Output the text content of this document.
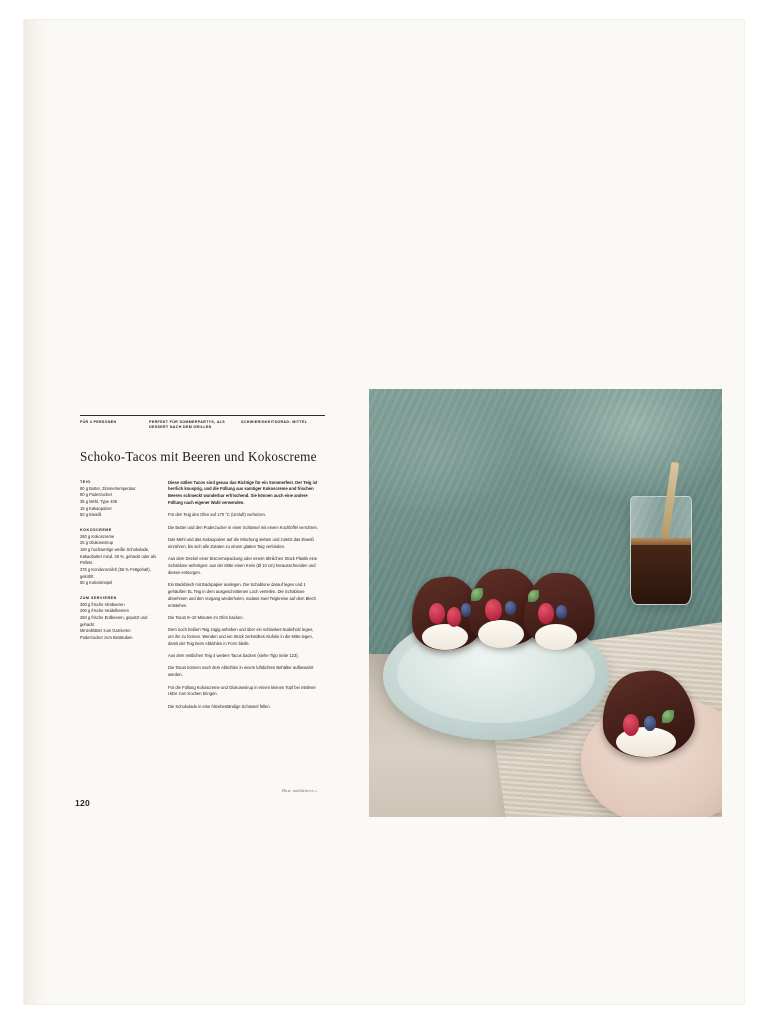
FÜR 4 PERSONEN	PERFEKT FÜR SOMMERPARTYS, ALS DESSERT NACH DEM GRILLEN
SCHWIERIGKEITSGRAD: MITTEL
Schoko-Tacos mit Beeren und Kokoscreme
TEIG
80 g Butter, Zimmertemperatur
80 g Puderzucker
35 g Mehl, Type 405
15 g Kakaopulver
50 g Eiweiß
KOKOSCREME
260 g Kokoscreme
25 g Glukosesirup
150 g hochwertige weiße Schokolade, Kakaobutter mind. 28 %, gehackt oder als Pellets
375 g Kondensmilch (55 % Fettgehalt), gekühlt
50 g Kokosknspel
ZUM SERVIEREN
300 g frische Himbeeren
200 g frische Heidelbeeren
250 g frische Erdbeeren, geputzt und gehackt
Minzeblätter zum Garnieren
Puderzucker zum Bestäuben

Diese süßen Tacos sind genau das Richtige für ein Sommerfest. Der Teig ist herrlich knusprig, und die Füllung aus samtiger Kokoscreme und frischen Beeren schmeckt wunderbar erfrischend. Sie können auch eine andere Füllung nach eigener Wahl verwenden.

Für den Teig den Ofen auf 170 °C (Umluft) vorheizen.

Die Butter und den Puderzucker in einer Schüssel mit einem Kochlöffel verrühren.

Das Mehl und das Kakaopulver auf die Mischung sieben und zuletzt das Eiweiß einrühren, bis sich alle Zutaten zu einem glatten Teig verbinden.

Aus dem Deckel einer Eiscremepackung oder einem ähnlichen Stück Plastik eine Schablone anfertigen: aus der Mitte einen Kreis (Ø 10 cm) herausschneiden und diesen entsorgen.

Ein Backblech mit Backpapier auslegen. Die Schablone darauf legen und 1 gehäuften EL Teig in dem ausgeschnittenen Loch verteilen. Die Schablone abnehmen und den Vorgang wiederholen, sodass zwei Teigkreise auf dem Blech entstehen.

Die Tacos 8–10 Minuten im Ofen backen.

Dem noch heißen Teig zügig anheben und über ein schlankes Nudelholz legen, um ihn zu formen. Wenden und ein Stück zerknülltes Alufolie in die Mitte legen, damit der Teig beim Abkühlen in Form bleibt.

Aus dem restlichen Teig 4 weitere Tacos backen (siehe Tipp Seite 123).

Die Tacos können nach dem Abkühlen in einem luftdichten Behälter aufbewahrt werden.

Für die Füllung Kokoscreme und Glukosesirup in einem kleinen Topf bei mittlerer Hitze zum Kochen bringen.

Die Schokolade in eine hitzebeständige Schüssel füllen.

120
Bitte umblättern »
